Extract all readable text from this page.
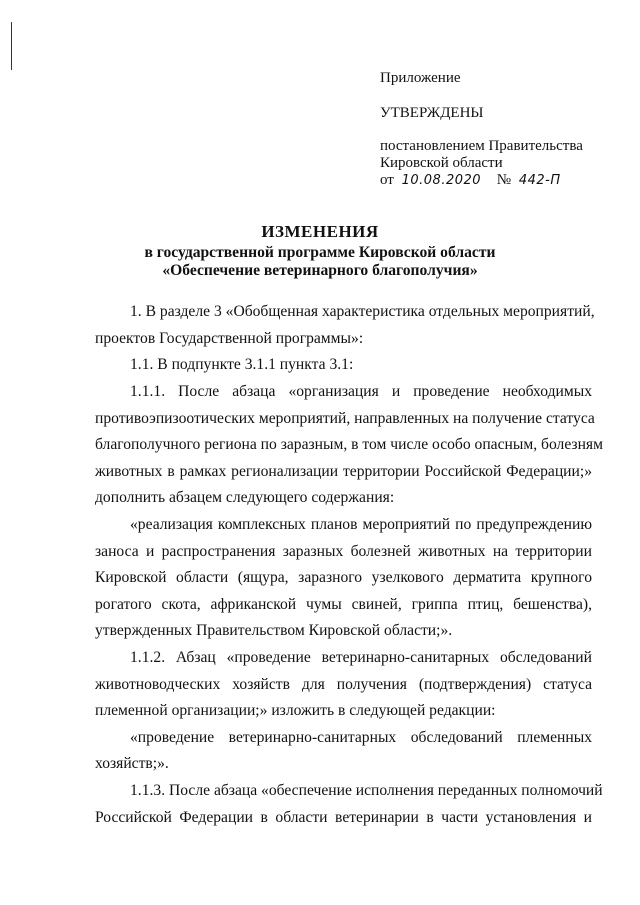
Приложение
УТВЕРЖДЕНЫ
постановлением Правительства
Кировской области
от 10.08.2020 № 442-П
ИЗМЕНЕНИЯ
в государственной программе Кировской области
«Обеспечение ветеринарного благополучия»
1. В разделе 3 «Обобщенная характеристика отдельных мероприятий,
проектов Государственной программы»:
1.1. В подпункте 3.1.1 пункта 3.1:
1.1.1. После абзаца «организация и проведение необходимых
противоэпизоотических мероприятий, направленных на получение статуса
благополучного региона по заразным, в том числе особо опасным, болезням
животных в рамках регионализации территории Российской Федерации;»
дополнить абзацем следующего содержания:
«реализация комплексных планов мероприятий по предупреждению
заноса и распространения заразных болезней животных на территории
Кировской области (ящура, заразного узелкового дерматита крупного
рогатого скота, африканской чумы свиней, гриппа птиц, бешенства),
утвержденных Правительством Кировской области;».
1.1.2. Абзац «проведение ветеринарно-санитарных обследований
животноводческих хозяйств для получения (подтверждения) статуса
племенной организации;» изложить в следующей редакции:
«проведение ветеринарно-санитарных обследований племенных
хозяйств;».
1.1.3. После абзаца «обеспечение исполнения переданных полномочий
Российской Федерации в области ветеринарии в части установления и
